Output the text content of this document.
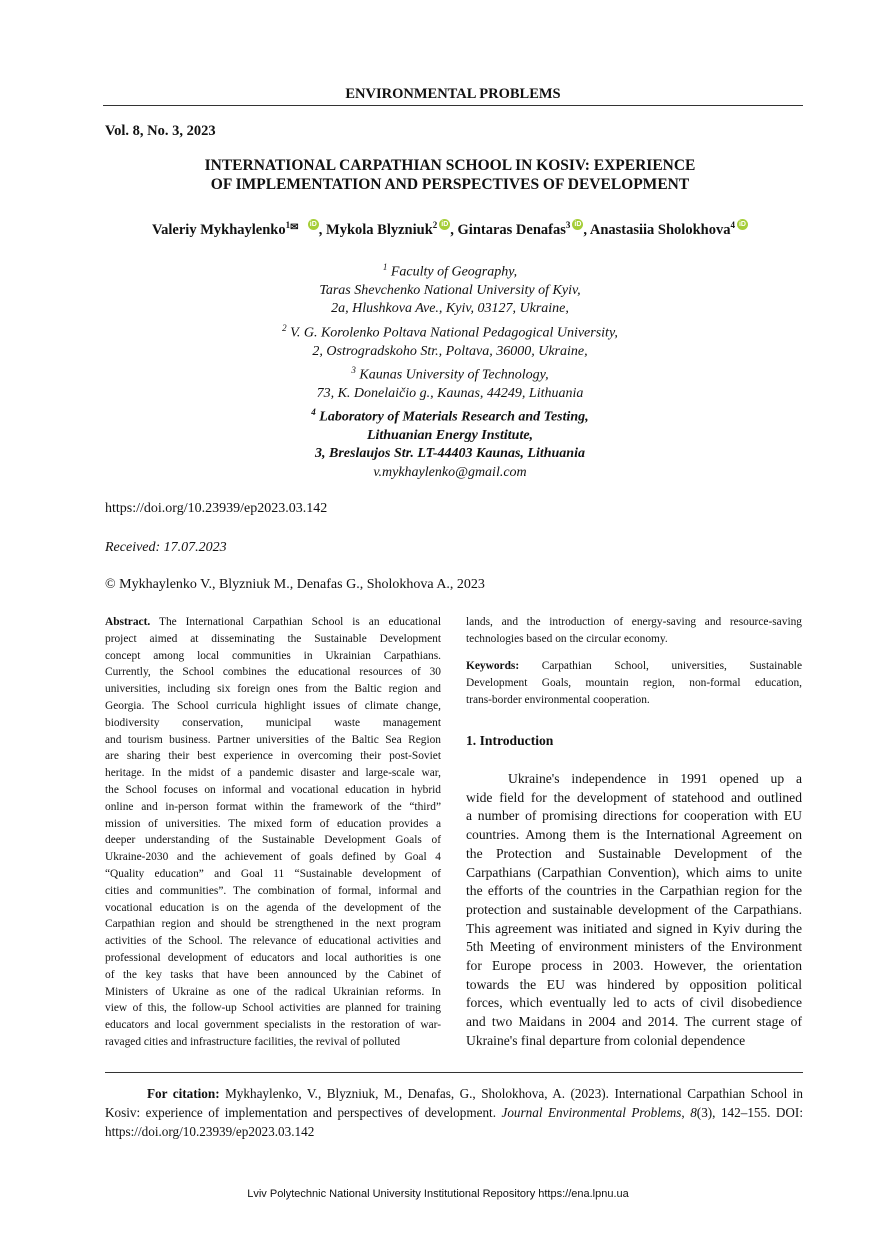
ENVIRONMENTAL PROBLEMS
Vol. 8, No. 3, 2023
INTERNATIONAL CARPATHIAN SCHOOL IN KOSIV: EXPERIENCE
OF IMPLEMENTATION AND PERSPECTIVES OF DEVELOPMENT
Valeriy Mykhaylenko$^{1✉}$ iD , Mykola Blyzniuk$^2$ iD , Gintaras Denafas$^3$ iD , Anastasiia Sholokhova$^4$ iD
$^1$ Faculty of Geography,
Taras Shevchenko National University of Kyiv,
2a, Hlushkova Ave., Kyiv, 03127, Ukraine,
$^2$ V. G. Korolenko Poltava National Pedagogical University,
2, Ostrogradskoho Str., Poltava, 36000, Ukraine,
$^3$ Kaunas University of Technology,
73, K. Donelaičio g., Kaunas, 44249, Lithuania
$^4$ Laboratory of Materials Research and Testing,
Lithuanian Energy Institute,
3, Breslaujos Str. LT-44403 Kaunas, Lithuania
v.mykhaylenko@gmail.com
https://doi.org/10.23939/ep2023.03.142
Received: 17.07.2023
© Mykhaylenko V., Blyzniuk M., Denafas G., Sholokhova A., 2023
Abstract. The International Carpathian School is an educational
project aimed at disseminating the Sustainable Development
concept among local communities in Ukrainian Carpathians.
Currently, the School combines the educational resources of 30
universities, including six foreign ones from the Baltic region and
Georgia. The School curricula highlight issues of climate change,
biodiversity conservation, municipal waste management
and tourism business. Partner universities of the Baltic Sea Region
are sharing their best experience in overcoming their post-Soviet
heritage. In the midst of a pandemic disaster and large-scale war,
the School focuses on informal and vocational education in hybrid
online and in-person format within the framework of the “third”
mission of universities. The mixed form of education provides a
deeper understanding of the Sustainable Development Goals of
Ukraine-2030 and the achievement of goals defined by Goal 4
“Quality education” and Goal 11 “Sustainable development of
cities and communities”. The combination of formal, informal and
vocational education is on the agenda of the development of the
Carpathian region and should be strengthened in the next program
activities of the School. The relevance of educational activities and
professional development of educators and local authorities is one
of the key tasks that have been announced by the Cabinet of
Ministers of Ukraine as one of the radical Ukrainian reforms. In
view of this, the follow-up School activities are planned for training
educators and local government specialists in the restoration of war-
ravaged cities and infrastructure facilities, the revival of polluted
lands, and the introduction of energy-saving and resource-saving
technologies based on the circular economy.
Keywords: Carpathian School, universities, Sustainable
Development Goals, mountain region, non-formal education,
trans-border environmental cooperation.
1. Introduction
Ukraine's independence in 1991 opened up a
wide field for the development of statehood and outlined
a number of promising directions for cooperation with EU
countries. Among them is the International Agreement on
the Protection and Sustainable Development of the
Carpathians (Carpathian Convention), which aims to unite
the efforts of the countries in the Carpathian region for the
protection and sustainable development of the Carpathians.
This agreement was initiated and signed in Kyiv during the
5th Meeting of environment ministers of the Environment
for Europe process in 2003. However, the orientation
towards the EU was hindered by opposition political
forces, which eventually led to acts of civil disobedience
and two Maidans in 2004 and 2014. The current stage of
Ukraine's final departure from colonial dependence
For citation: Mykhaylenko, V., Blyzniuk, M., Denafas, G., Sholokhova, A. (2023). International Carpathian School in Kosiv: experience of implementation and perspectives of development. Journal Environmental Problems, 8(3), 142–155. DOI: https://doi.org/10.23939/ep2023.03.142
Lviv Polytechnic National University Institutional Repository https://ena.lpnu.ua
